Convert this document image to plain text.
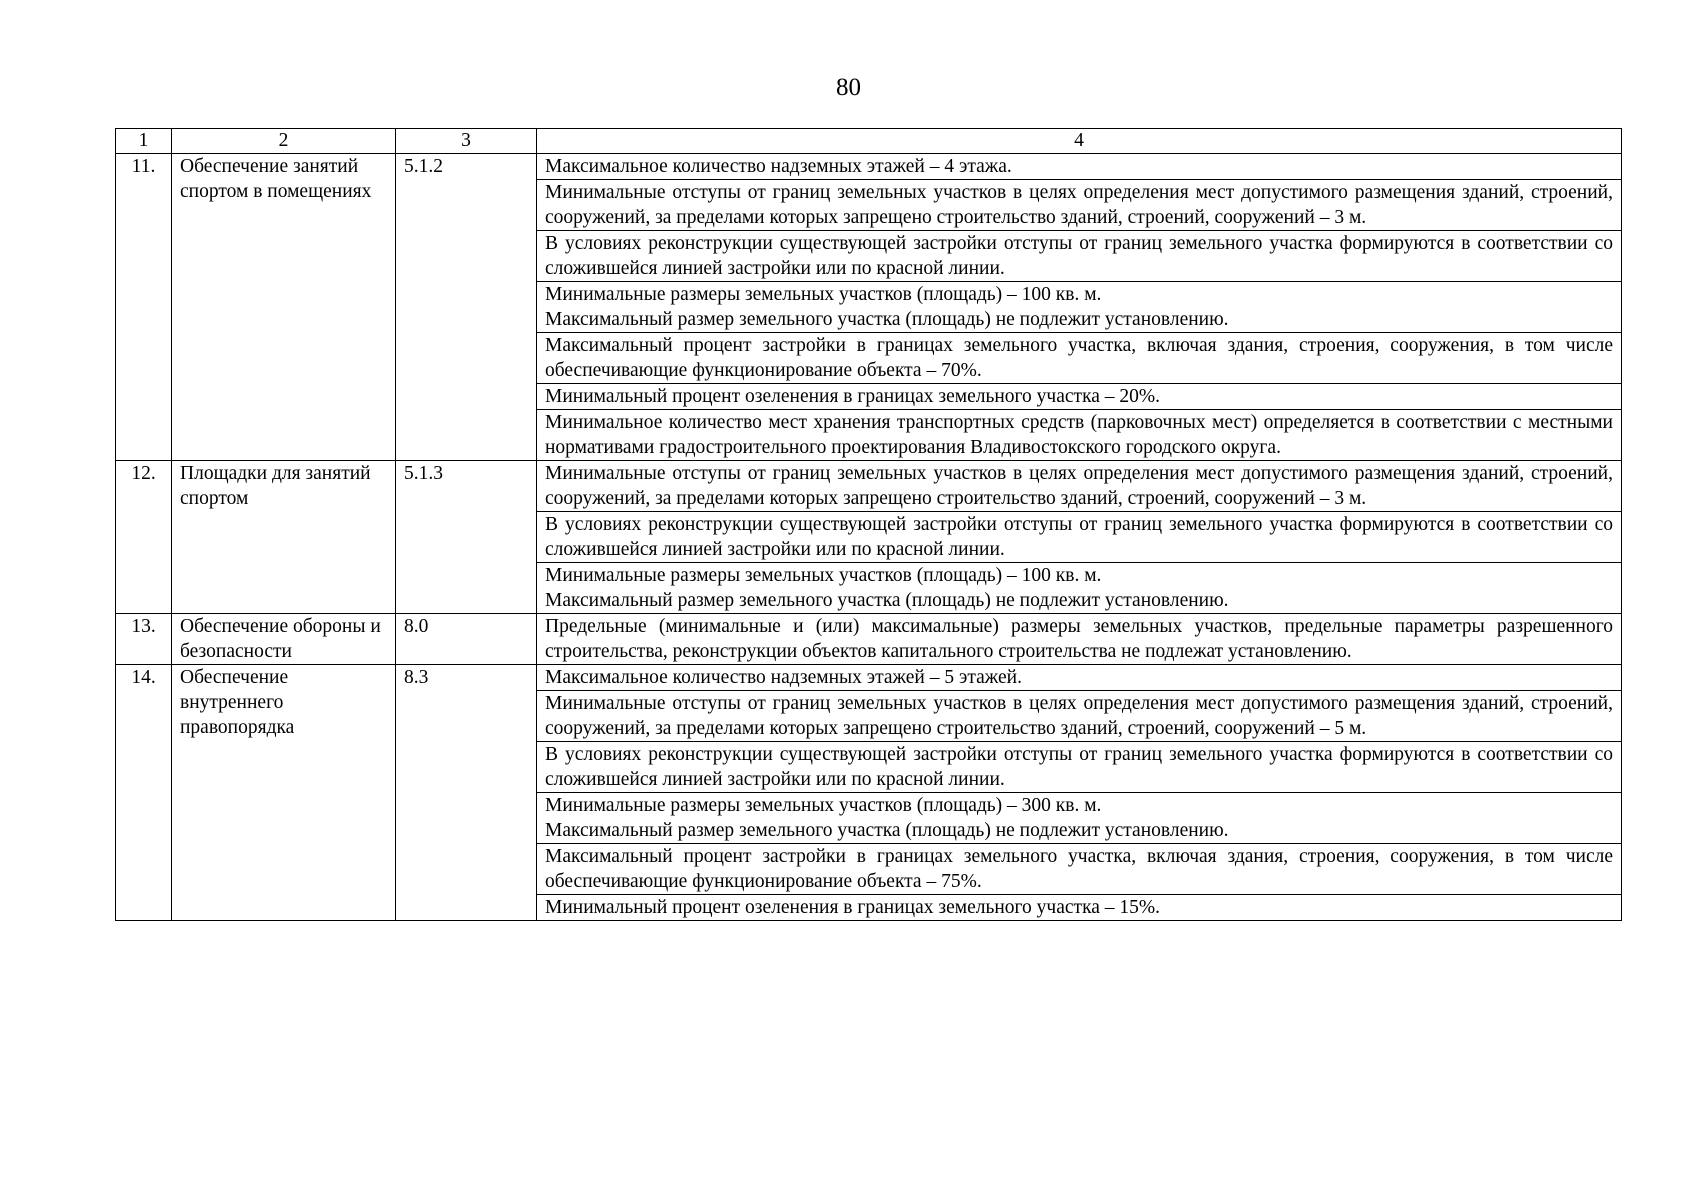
80
1	2	3	4
11.	Обеспечение занятий спортом в помещениях	5.1.2	Максимальное количество надземных этажей – 4 этажа.

			Минимальные отступы от границ земельных участков в целях определения мест допустимого размещения зданий, строений, сооружений, за пределами которых запрещено строительство зданий, строений, сооружений – 3 м.

			В условиях реконструкции существующей застройки отступы от границ земельного участка формируются в соответствии со сложившейся линией застройки или по красной линии.

			Минимальные размеры земельных участков (площадь) – 100 кв. м.
Максимальный размер земельного участка (площадь) не подлежит установлению.

			Максимальный процент застройки в границах земельного участка, включая здания, строения, сооружения, в том числе обеспечивающие функционирование объекта – 70%.

			Минимальный процент озеленения в границах земельного участка – 20%.

			Минимальное количество мест хранения транспортных средств (парковочных мест) определяется в соответствии с местными нормативами градостроительного проектирования Владивостокского городского округа.

12.	Площадки для занятий спортом	5.1.3	Минимальные отступы от границ земельных участков в целях определения мест допустимого размещения зданий, строений, сооружений, за пределами которых запрещено строительство зданий, строений, сооружений – 3 м.

			В условиях реконструкции существующей застройки отступы от границ земельного участка формируются в соответствии со сложившейся линией застройки или по красной линии.

			Минимальные размеры земельных участков (площадь) – 100 кв. м.
Максимальный размер земельного участка (площадь) не подлежит установлению.

13.	Обеспечение обороны и безопасности	8.0	Предельные (минимальные и (или) максимальные) размеры земельных участков, предельные параметры разрешенного строительства, реконструкции объектов капитального строительства не подлежат установлению.

14.	Обеспечение внутреннего правопорядка	8.3	Максимальное количество надземных этажей – 5 этажей.

			Минимальные отступы от границ земельных участков в целях определения мест допустимого размещения зданий, строений, сооружений, за пределами которых запрещено строительство зданий, строений, сооружений – 5 м.

			В условиях реконструкции существующей застройки отступы от границ земельного участка формируются в соответствии со сложившейся линией застройки или по красной линии.

			Минимальные размеры земельных участков (площадь) – 300 кв. м.
Максимальный размер земельного участка (площадь) не подлежит установлению.

			Максимальный процент застройки в границах земельного участка, включая здания, строения, сооружения, в том числе обеспечивающие функционирование объекта – 75%.

			Минимальный процент озеленения в границах земельного участка – 15%.
